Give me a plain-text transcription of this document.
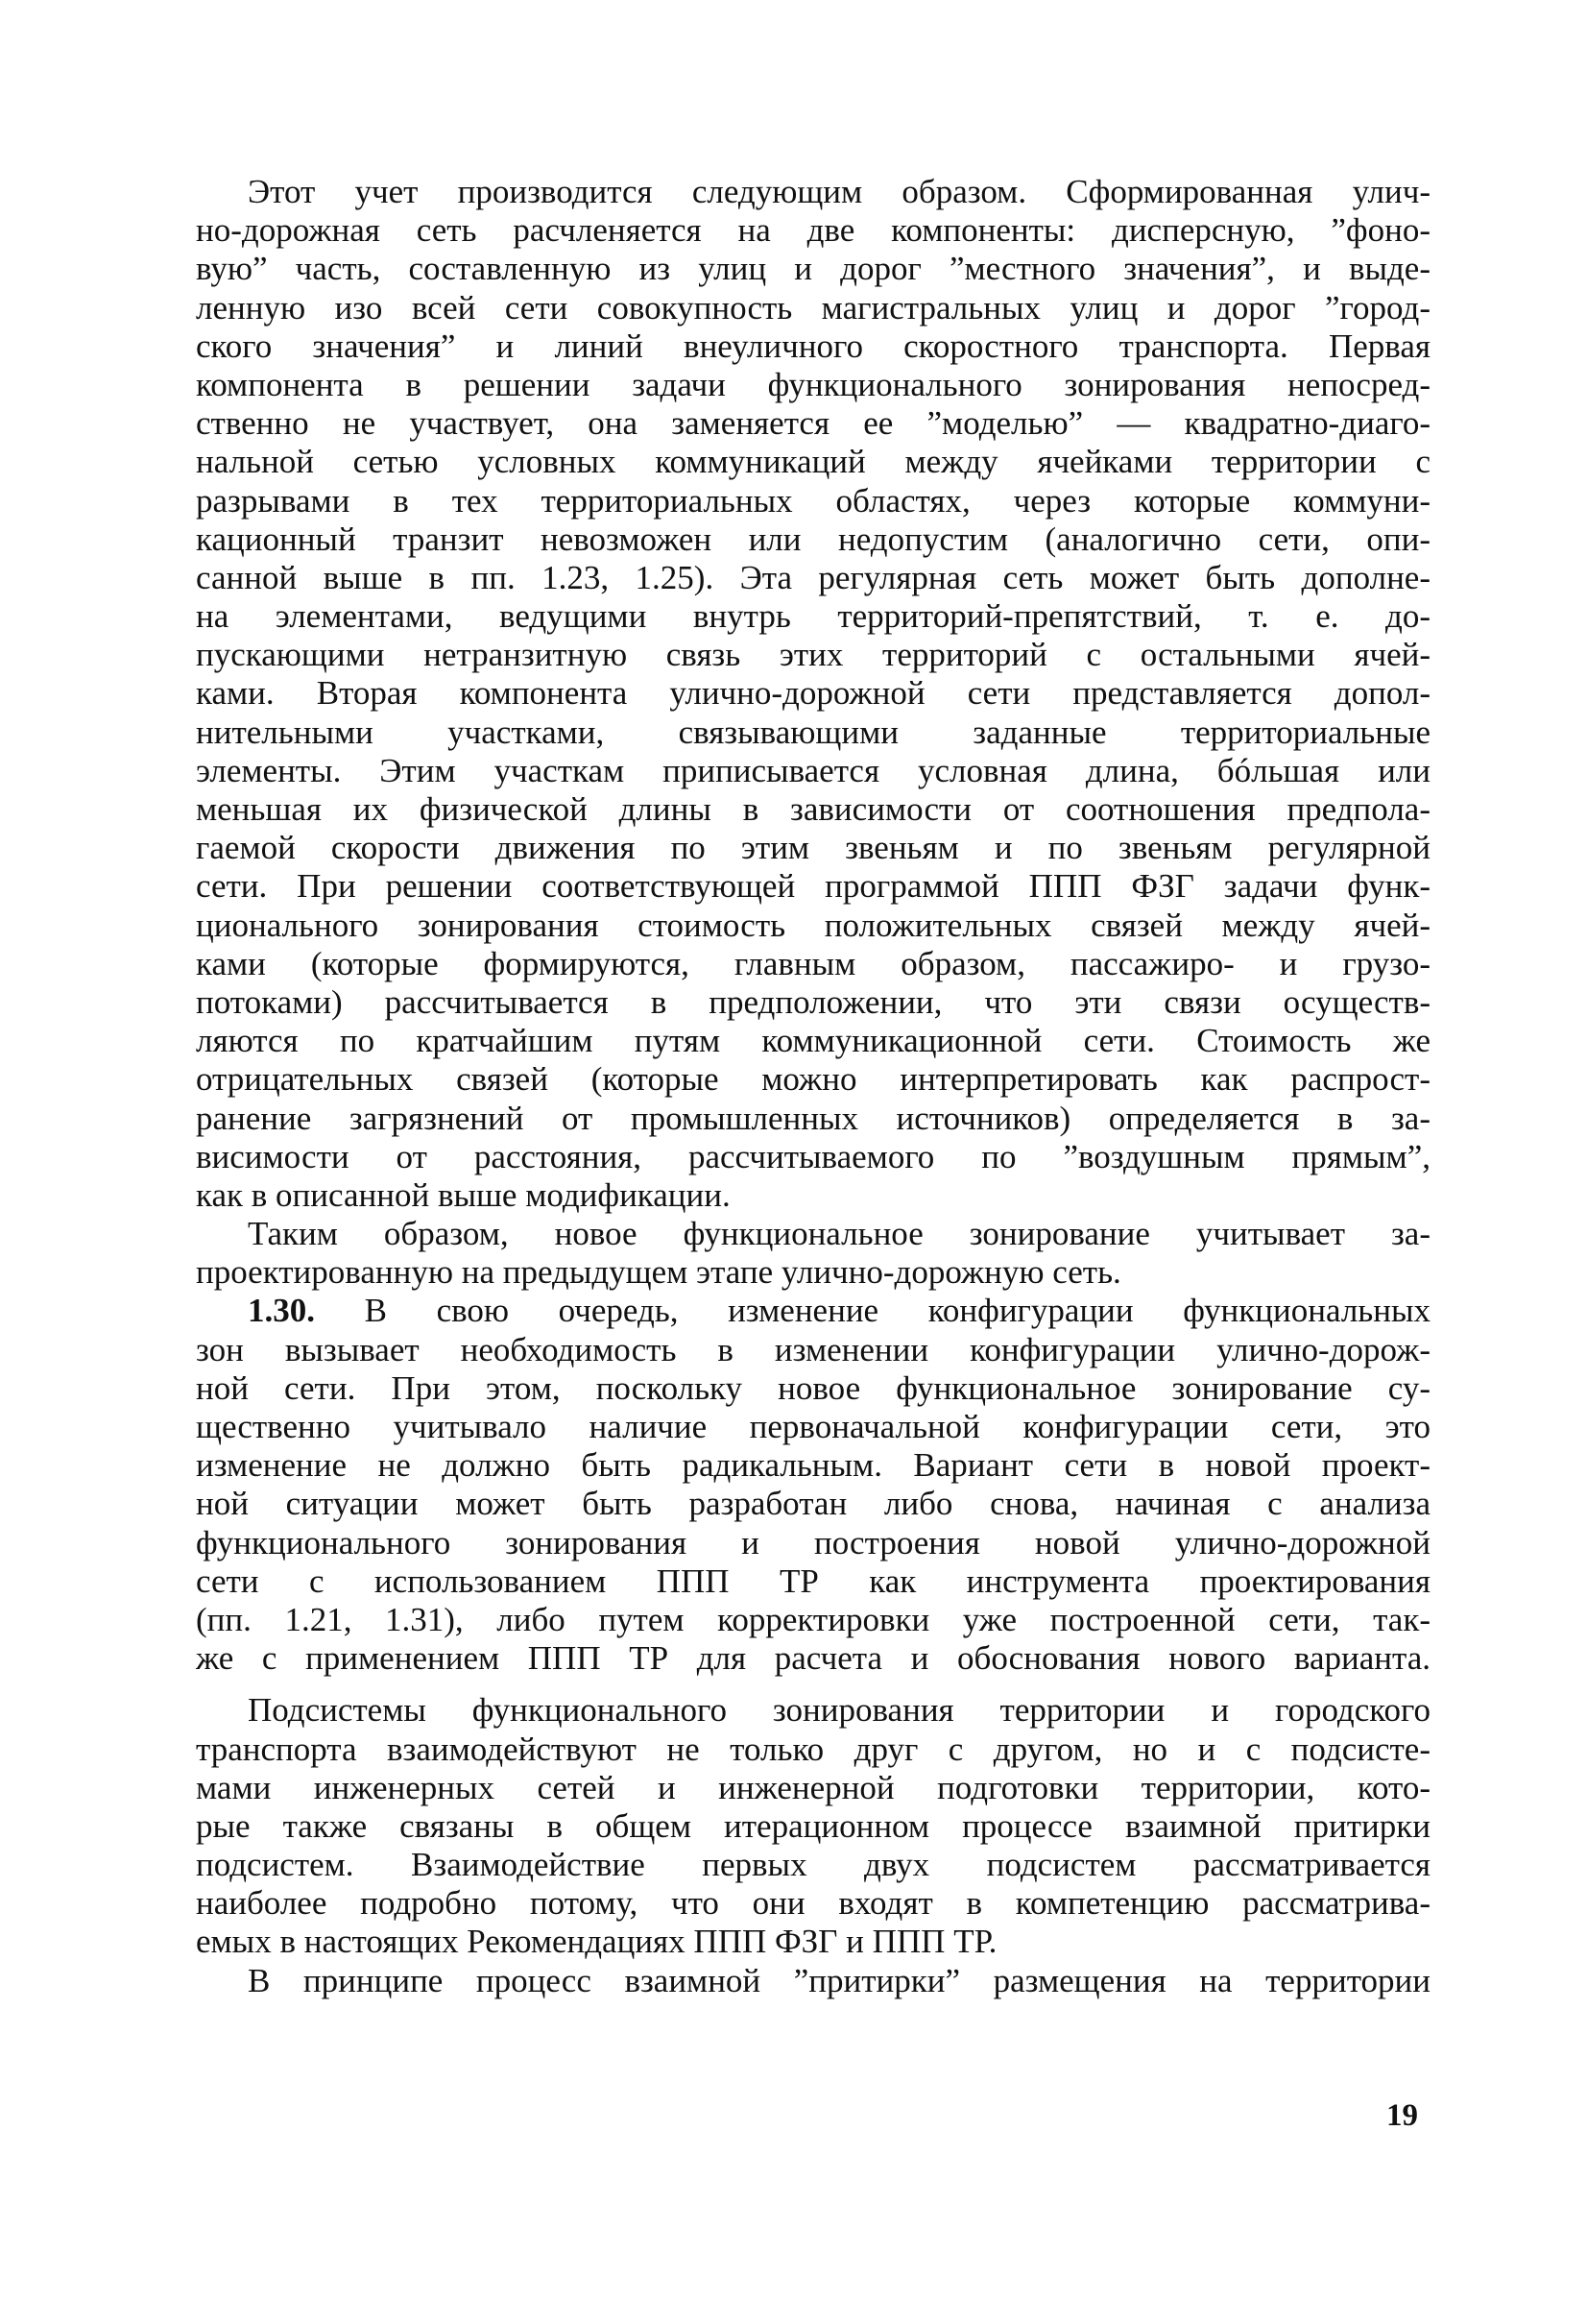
Этот учет производится следующим образом. Сформированная улич-
но-дорожная сеть расчленяется на две компоненты: дисперсную, ”фоно-
вую” часть, составленную из улиц и дорог ”местного значения”, и выде-
ленную изо всей сети совокупность магистральных улиц и дорог ”город-
ского значения” и линий внеуличного скоростного транспорта. Первая
компонента в решении задачи функционального зонирования непосред-
ственно не участвует, она заменяется ее ”моделью” — квадратно-диаго-
нальной сетью условных коммуникаций между ячейками территории с
разрывами в тех территориальных областях, через которые коммуни-
кационный транзит невозможен или недопустим (аналогично сети, опи-
санной выше в пп. 1.23, 1.25). Эта регулярная сеть может быть дополне-
на элементами, ведущими внутрь территорий-препятствий, т. е. до-
пускающими нетранзитную связь этих территорий с остальными ячей-
ками. Вторая компонента улично-дорожной сети представляется допол-
нительными участками, связывающими заданные территориальные
элементы. Этим участкам приписывается условная длина, бóльшая или
меньшая их физической длины в зависимости от соотношения предпола-
гаемой скорости движения по этим звеньям и по звеньям регулярной
сети. При решении соответствующей программой ППП ФЗГ задачи функ-
ционального зонирования стоимость положительных связей между ячей-
ками (которые формируются, главным образом, пассажиро- и грузо-
потоками) рассчитывается в предположении, что эти связи осуществ-
ляются по кратчайшим путям коммуникационной сети. Стоимость же
отрицательных связей (которые можно интерпретировать как распрост-
ранение загрязнений от промышленных источников) определяется в за-
висимости от расстояния, рассчитываемого по ”воздушным прямым”,
как в описанной выше модификации.
Таким образом, новое функциональное зонирование учитывает за-
проектированную на предыдущем этапе улично-дорожную сеть.
1.30. В свою очередь, изменение конфигурации функциональных
зон вызывает необходимость в изменении конфигурации улично-дорож-
ной сети. При этом, поскольку новое функциональное зонирование су-
щественно учитывало наличие первоначальной конфигурации сети, это
изменение не должно быть радикальным. Вариант сети в новой проект-
ной ситуации может быть разработан либо снова, начиная с анализа
функционального зонирования и построения новой улично-дорожной
сети с использованием ППП ТР как инструмента проектирования
(пп. 1.21, 1.31), либо путем корректировки уже построенной сети, так-
же с применением ППП ТР для расчета и обоснования нового варианта.
Подсистемы функционального зонирования территории и городского
транспорта взаимодействуют не только друг с другом, но и с подсисте-
мами инженерных сетей и инженерной подготовки территории, кото-
рые также связаны в общем итерационном процессе взаимной притирки
подсистем. Взаимодействие первых двух подсистем рассматривается
наиболее подробно потому, что они входят в компетенцию рассматрива-
емых в настоящих Рекомендациях ППП ФЗГ и ППП ТР.
В принципе процесс взаимной ”притирки” размещения на территории
19
